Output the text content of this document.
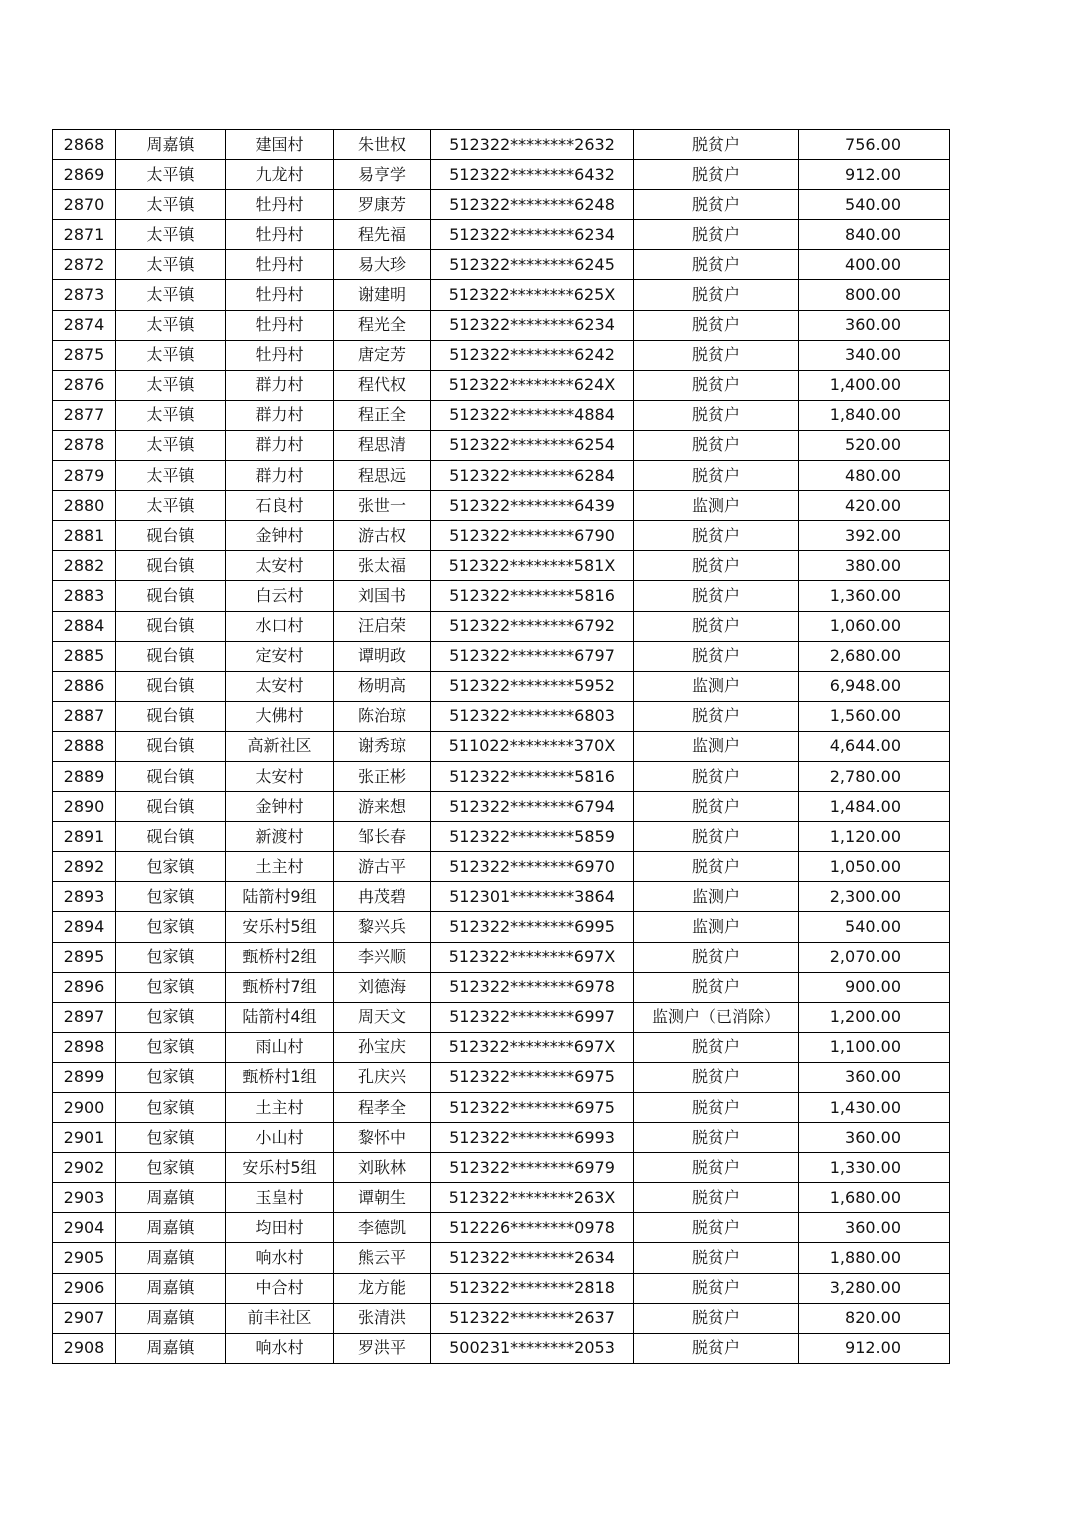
2868	周嘉镇	建国村	朱世权	512322********2632	脱贫户	756.00
2869	太平镇	九龙村	易亨学	512322********6432	脱贫户	912.00
2870	太平镇	牡丹村	罗康芳	512322********6248	脱贫户	540.00
2871	太平镇	牡丹村	程先福	512322********6234	脱贫户	840.00
2872	太平镇	牡丹村	易大珍	512322********6245	脱贫户	400.00
2873	太平镇	牡丹村	谢建明	512322********625X	脱贫户	800.00
2874	太平镇	牡丹村	程光全	512322********6234	脱贫户	360.00
2875	太平镇	牡丹村	唐定芳	512322********6242	脱贫户	340.00
2876	太平镇	群力村	程代权	512322********624X	脱贫户	1,400.00
2877	太平镇	群力村	程正全	512322********4884	脱贫户	1,840.00
2878	太平镇	群力村	程思清	512322********6254	脱贫户	520.00
2879	太平镇	群力村	程思远	512322********6284	脱贫户	480.00
2880	太平镇	石良村	张世一	512322********6439	监测户	420.00
2881	砚台镇	金钟村	游古权	512322********6790	脱贫户	392.00
2882	砚台镇	太安村	张太福	512322********581X	脱贫户	380.00
2883	砚台镇	白云村	刘国书	512322********5816	脱贫户	1,360.00
2884	砚台镇	水口村	汪启荣	512322********6792	脱贫户	1,060.00
2885	砚台镇	定安村	谭明政	512322********6797	脱贫户	2,680.00
2886	砚台镇	太安村	杨明高	512322********5952	监测户	6,948.00
2887	砚台镇	大佛村	陈治琼	512322********6803	脱贫户	1,560.00
2888	砚台镇	高新社区	谢秀琼	511022********370X	监测户	4,644.00
2889	砚台镇	太安村	张正彬	512322********5816	脱贫户	2,780.00
2890	砚台镇	金钟村	游来想	512322********6794	脱贫户	1,484.00
2891	砚台镇	新渡村	邹长春	512322********5859	脱贫户	1,120.00
2892	包家镇	土主村	游古平	512322********6970	脱贫户	1,050.00
2893	包家镇	陆箭村9组	冉茂碧	512301********3864	监测户	2,300.00
2894	包家镇	安乐村5组	黎兴兵	512322********6995	监测户	540.00
2895	包家镇	甄桥村2组	李兴顺	512322********697X	脱贫户	2,070.00
2896	包家镇	甄桥村7组	刘德海	512322********6978	脱贫户	900.00
2897	包家镇	陆箭村4组	周天文	512322********6997	监测户（已消除）	1,200.00
2898	包家镇	雨山村	孙宝庆	512322********697X	脱贫户	1,100.00
2899	包家镇	甄桥村1组	孔庆兴	512322********6975	脱贫户	360.00
2900	包家镇	土主村	程孝全	512322********6975	脱贫户	1,430.00
2901	包家镇	小山村	黎怀中	512322********6993	脱贫户	360.00
2902	包家镇	安乐村5组	刘耿林	512322********6979	脱贫户	1,330.00
2903	周嘉镇	玉皇村	谭朝生	512322********263X	脱贫户	1,680.00
2904	周嘉镇	均田村	李德凯	512226********0978	脱贫户	360.00
2905	周嘉镇	响水村	熊云平	512322********2634	脱贫户	1,880.00
2906	周嘉镇	中合村	龙方能	512322********2818	脱贫户	3,280.00
2907	周嘉镇	前丰社区	张清洪	512322********2637	脱贫户	820.00
2908	周嘉镇	响水村	罗洪平	500231********2053	脱贫户	912.00
